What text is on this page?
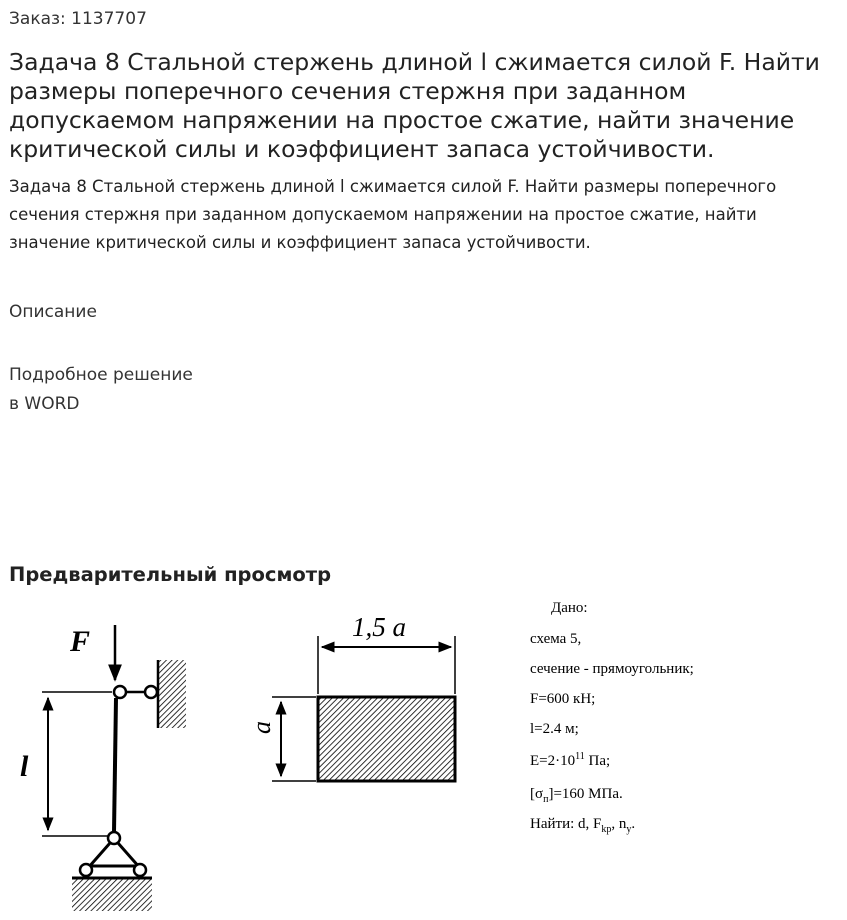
Заказ: 1137707
Задача 8 Стальной стержень длиной l сжимается силой F. Найти размеры поперечного сечения стержня при заданном допускаемом напряжении на простое сжатие, найти значение критической силы и коэффициент запаса устойчивости.
Задача 8 Стальной стержень длиной l сжимается силой F. Найти размеры поперечного сечения стержня при заданном допускаемом напряжении на простое сжатие, найти значение критической силы и коэффициент запаса устойчивости.
Описание
Подробное решение
в WORD
Предварительный просмотр
F
l
1,5 a
a
Дано:
схема 5,
сечение - прямоугольник;
F=600 кН;
l=2.4 м;
$E=2\cdot 10^{11}$ Па;
$[\sigma_п]=160$ МПа.
Найти: d, $F_{kp}$, $n_y$.
